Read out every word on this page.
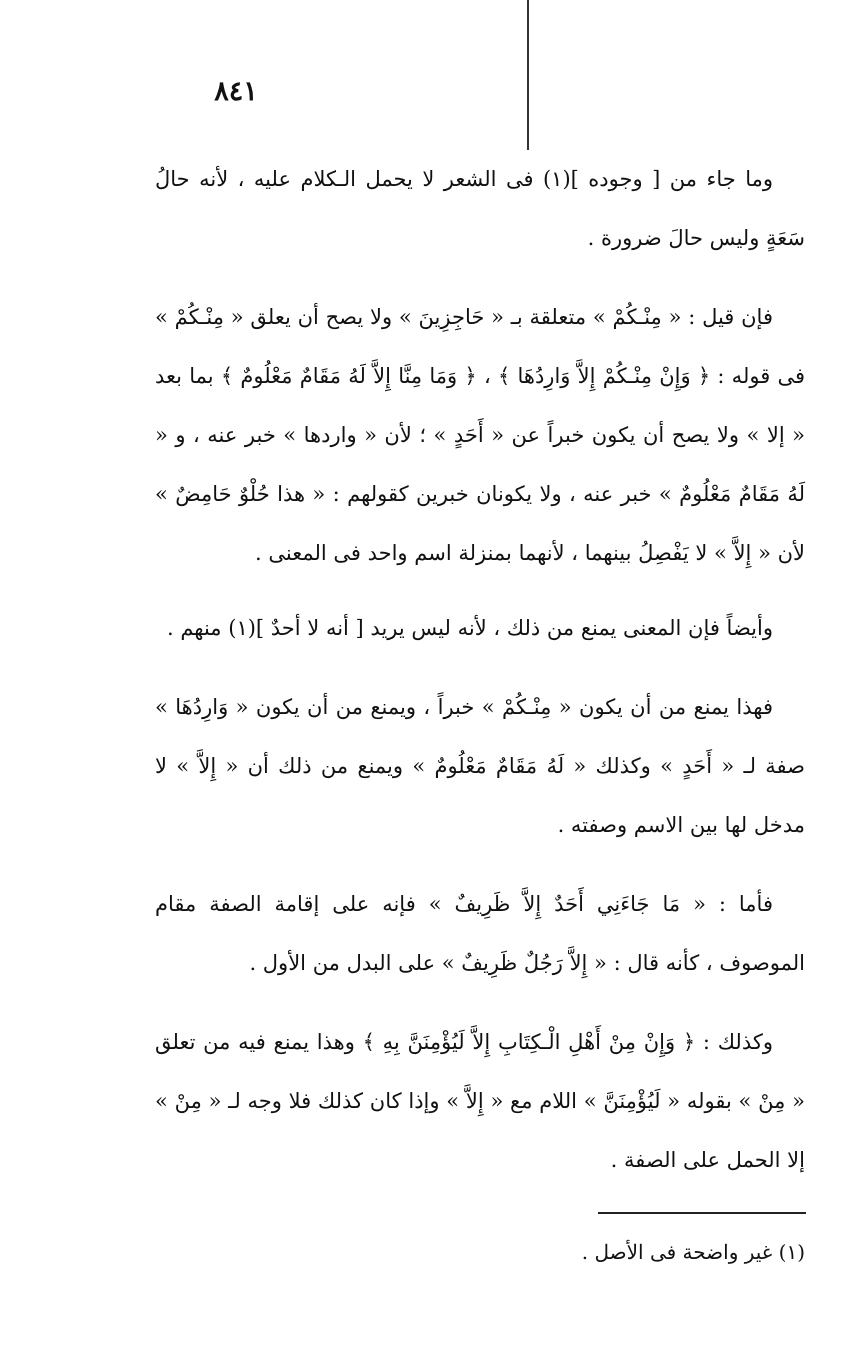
٨٤١

وما جاء من [ وجوده ](١) فى الشعر لا يحمل الـكلام عليه ، لأنه حالُ سَعَةٍ وليس حالَ ضرورة .

فإن قيل : « مِنْـكُمْ » متعلقة بـ « حَاجِزِينَ » ولا يصح أن يعلق « مِنْـكُمْ » فى قوله : ﴿ وَإِنْ مِنْـكُمْ إِلاَّ وَارِدُهَا ﴾ ، ﴿ وَمَا مِنَّا إِلاَّ لَهُ مَقَامٌ مَعْلُومٌ ﴾ بما بعد « إلا » ولا يصح أن يكون خبراً عن « أَحَدٍ » ؛ لأن « واردها » خبر عنه ، و « لَهُ مَقَامٌ مَعْلُومٌ » خبر عنه ، ولا يكونان خبرين كقولهم : « هذا حُلْوٌ حَامِضٌ » لأن « إِلاَّ » لا يَفْصِلُ بينهما ، لأنهما بمنزلة اسم واحد فى المعنى .

وأيضاً فإن المعنى يمنع من ذلك ، لأنه ليس يريد [ أنه لا أحدٌ ](١) منهم .

فهذا يمنع من أن يكون « مِنْـكُمْ » خبراً ، ويمنع من أن يكون « وَارِدُهَا » صفة لـ « أَحَدٍ » وكذلك « لَهُ مَقَامٌ مَعْلُومٌ » ويمنع من ذلك أن « إِلاَّ » لا مدخل لها بين الاسم وصفته .

فأما : « مَا جَاءَنِي أَحَدٌ إِلاَّ ظَرِيفٌ » فإنه على إقامة الصفة مقام الموصوف ، كأنه قال : « إِلاَّ رَجُلٌ ظَرِيفٌ » على البدل من الأول .

وكذلك : ﴿ وَإِنْ مِنْ أَهْلِ الْـكِتَابِ إِلاَّ لَيُؤْمِنَنَّ بِهِ ﴾ وهذا يمنع فيه من تعلق « مِنْ » بقوله « لَيُؤْمِنَنَّ » اللام مع « إِلاَّ » وإذا كان كذلك فلا وجه لـ « مِنْ » إلا الحمل على الصفة .

(١) غير واضحة فى الأصل .
